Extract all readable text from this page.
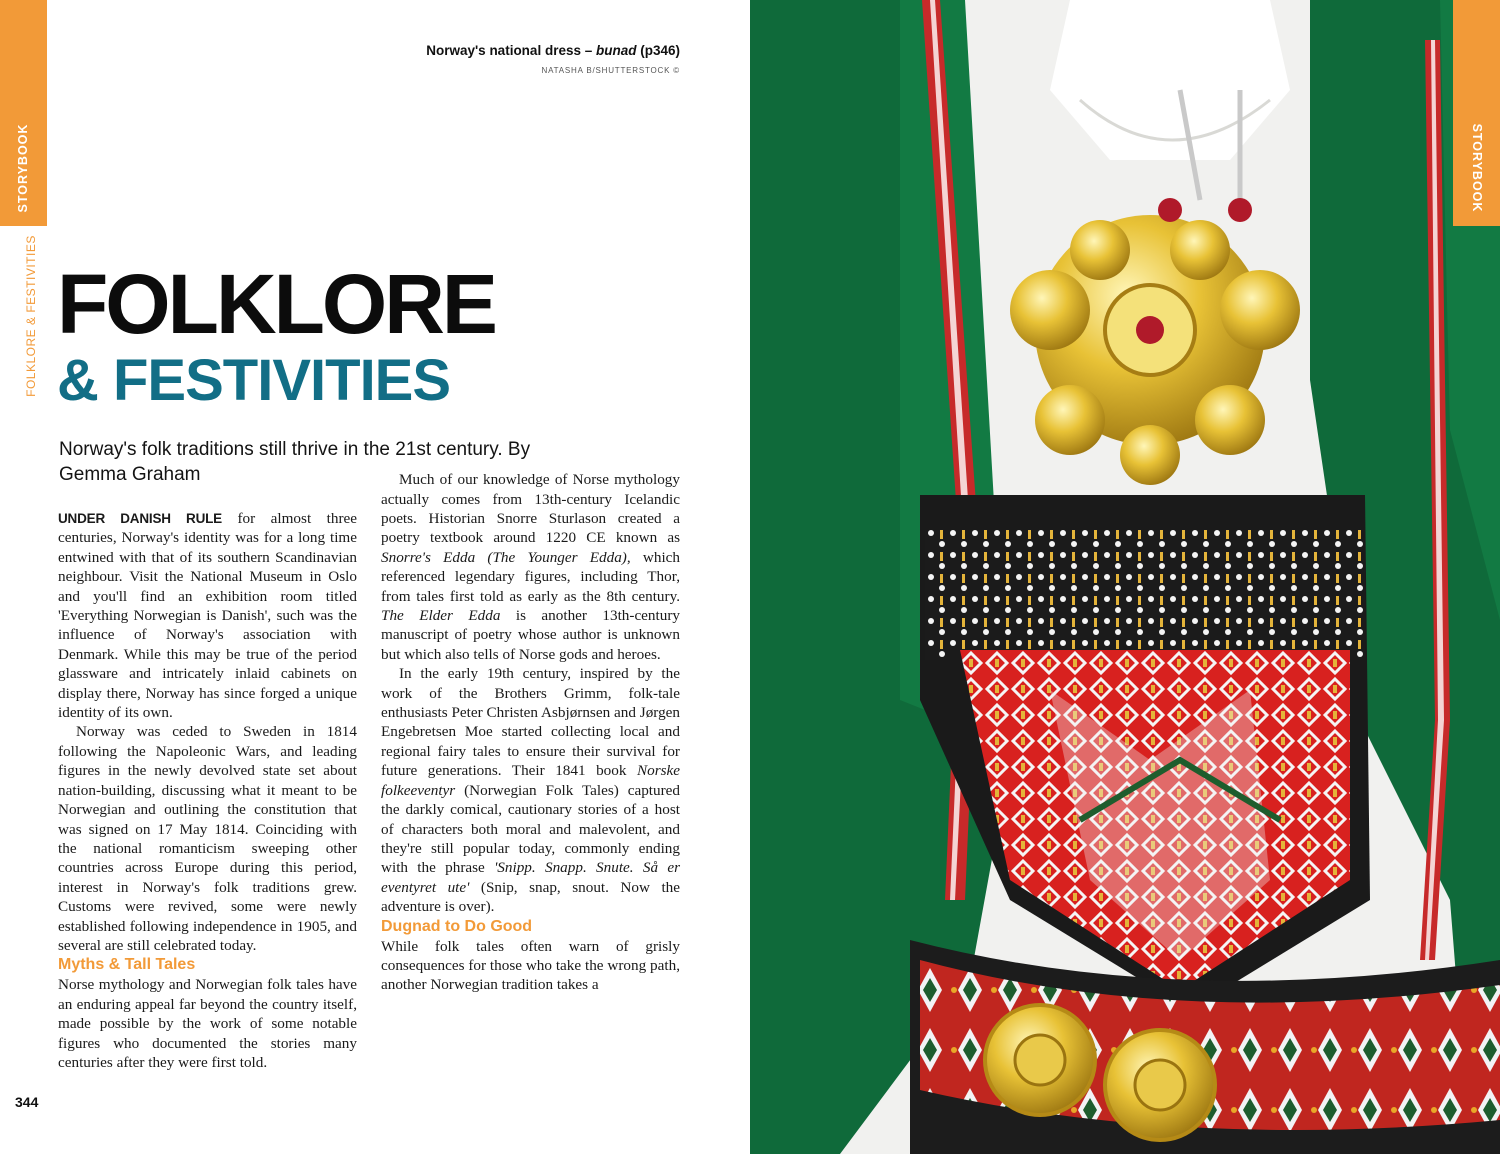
STORYBOOK
FOLKLORE & FESTIVITIES
Norway's national dress – bunad (p346)
NATASHA B/SHUTTERSTOCK ©
FOLKLORE
& FESTIVITIES

Norway's folk traditions still thrive in the 21st century. By Gemma Graham

UNDER DANISH RULE for almost three centuries, Norway's identity was for a long time entwined with that of its southern Scandinavian neighbour. Visit the National Museum in Oslo and you'll find an exhibition room titled 'Everything Norwegian is Danish', such was the influence of Norway's association with Denmark. While this may be true of the period glassware and intricately inlaid cabinets on display there, Norway has since forged a unique identity of its own.

Norway was ceded to Sweden in 1814 following the Napoleonic Wars, and leading figures in the newly devolved state set about nation-building, discussing what it meant to be Norwegian and outlining the constitution that was signed on 17 May 1814. Coinciding with the national romanticism sweeping other countries across Europe during this period, interest in Norway's folk traditions grew. Customs were revived, some were newly established following independence in 1905, and several are still celebrated today.

Myths & Tall Tales

Norse mythology and Norwegian folk tales have an enduring appeal far beyond the country itself, made possible by the work of some notable figures who documented the stories many centuries after they were first told.

Much of our knowledge of Norse mythology actually comes from 13th-century Icelandic poets. Historian Snorre Sturlason created a poetry textbook around 1220 CE known as Snorre's Edda (The Younger Edda), which referenced legendary figures, including Thor, from tales first told as early as the 8th century. The Elder Edda is another 13th-century manuscript of poetry whose author is unknown but which also tells of Norse gods and heroes.

In the early 19th century, inspired by the work of the Brothers Grimm, folk-tale enthusiasts Peter Christen Asbjørnsen and Jørgen Engebretsen Moe started collecting local and regional fairy tales to ensure their survival for future generations. Their 1841 book Norske folkeeventyr (Norwegian Folk Tales) captured the darkly comical, cautionary stories of a host of characters both moral and malevolent, and they're still popular today, commonly ending with the phrase 'Snipp. Snapp. Snute. Så er eventyret ute' (Snip, snap, snout. Now the adventure is over).

Dugnad to Do Good

While folk tales often warn of grisly consequences for those who take the wrong path, another Norwegian tradition takes a

344
STORYBOOK
